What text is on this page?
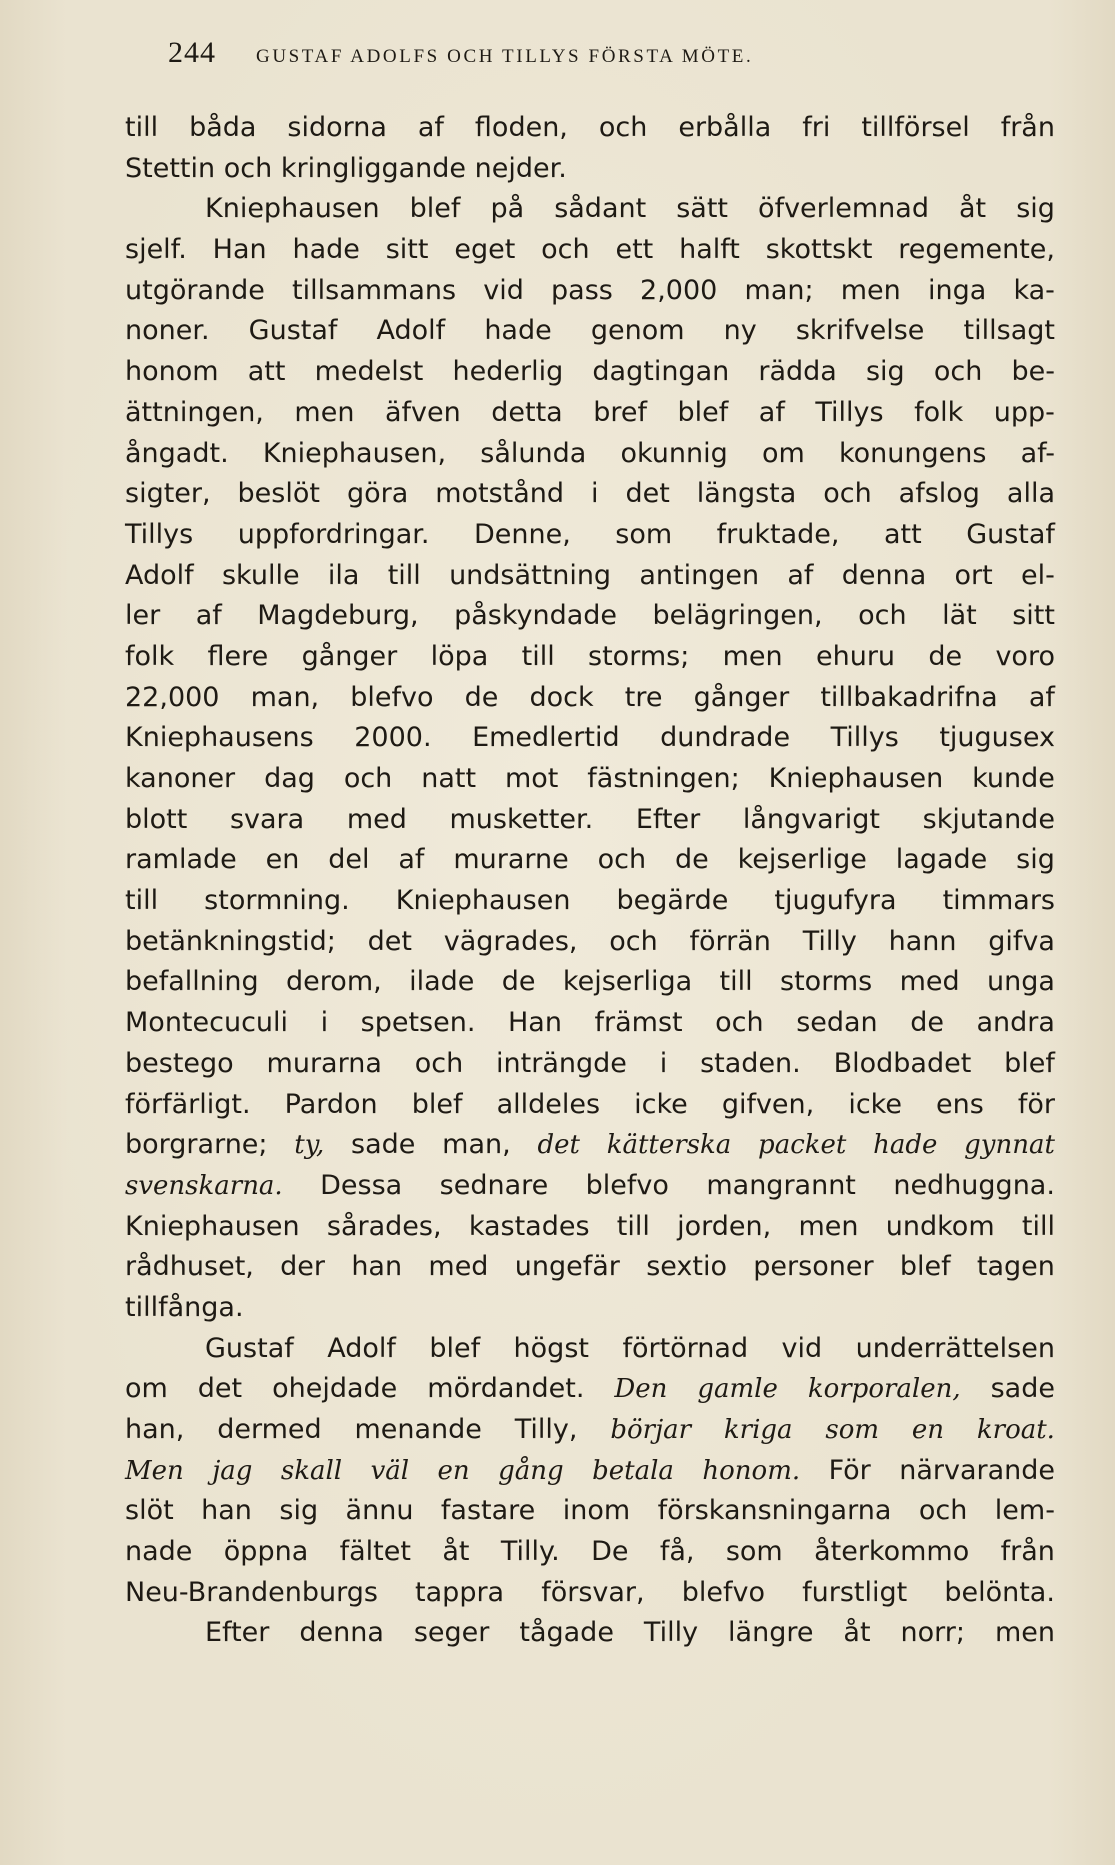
244 GUSTAF ADOLFS OCH TILLYS FÖRSTA MÖTE.
till båda sidorna af floden, och erbålla fri tillförsel från
Stettin och kringliggande nejder.
Kniephausen blef på sådant sätt öfverlemnad åt sig
sjelf. Han hade sitt eget och ett halft skottskt regemente,
utgörande tillsammans vid pass 2,000 man; men inga ka-
noner. Gustaf Adolf hade genom ny skrifvelse tillsagt
honom att medelst hederlig dagtingan rädda sig och be-
ättningen, men äfven detta bref blef af Tillys folk upp-
ångadt. Kniephausen, sålunda okunnig om konungens af-
sigter, beslöt göra motstånd i det längsta och afslog alla
Tillys uppfordringar. Denne, som fruktade, att Gustaf
Adolf skulle ila till undsättning antingen af denna ort el-
ler af Magdeburg, påskyndade belägringen, och lät sitt
folk flere gånger löpa till storms; men ehuru de voro
22,000 man, blefvo de dock tre gånger tillbakadrifna af
Kniephausens 2000. Emedlertid dundrade Tillys tjugusex
kanoner dag och natt mot fästningen; Kniephausen kunde
blott svara med musketter. Efter långvarigt skjutande
ramlade en del af murarne och de kejserlige lagade sig
till stormning. Kniephausen begärde tjugufyra timmars
betänkningstid; det vägrades, och förrän Tilly hann gifva
befallning derom, ilade de kejserliga till storms med unga
Montecuculi i spetsen. Han främst och sedan de andra
bestego murarna och inträngde i staden. Blodbadet blef
förfärligt. Pardon blef alldeles icke gifven, icke ens för
borgrarne; ty, sade man, det kätterska packet hade gynnat
svenskarna. Dessa sednare blefvo mangrannt nedhuggna.
Kniephausen sårades, kastades till jorden, men undkom till
rådhuset, der han med ungefär sextio personer blef tagen
tillfånga.
Gustaf Adolf blef högst förtörnad vid underrättelsen
om det ohejdade mördandet. Den gamle korporalen, sade
han, dermed menande Tilly, börjar kriga som en kroat.
Men jag skall väl en gång betala honom. För närvarande
slöt han sig ännu fastare inom förskansningarna och lem-
nade öppna fältet åt Tilly. De få, som återkommo från
Neu-Brandenburgs tappra försvar, blefvo furstligt belönta.
Efter denna seger tågade Tilly längre åt norr; men
